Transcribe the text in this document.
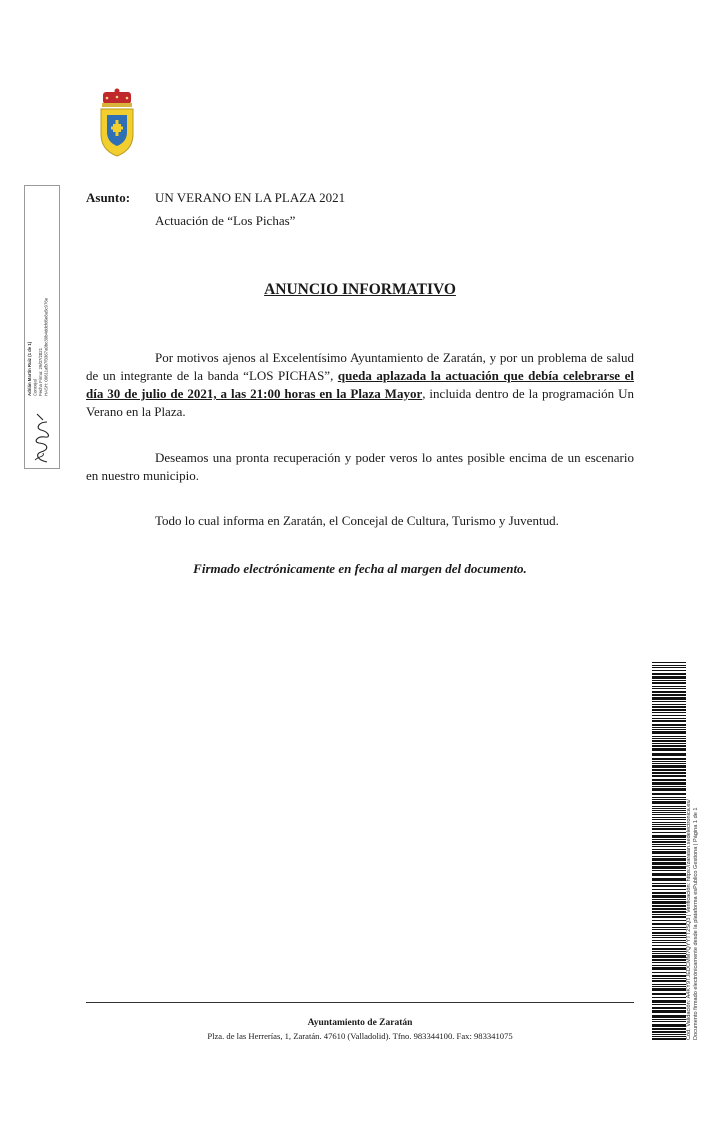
Asunto: UN VERANO EN LA PLAZA 2021
Actuación de “Los Pichas”
ANUNCIO INFORMATIVO

Por motivos ajenos al Excelentísimo Ayuntamiento de Zaratán, y por un problema de salud de un integrante de la banda “LOS PICHAS”, queda aplazada la actuación que debía celebrarse el día 30 de julio de 2021, a las 21:00 horas en la Plaza Mayor, incluida dentro de la programación Un Verano en la Plaza.

Deseamos una pronta recuperación y poder veros lo antes posible encima de un escenario en nuestro municipio.

Todo lo cual informa en Zaratán, el Concejal de Cultura, Turismo y Juventud.

Firmado electrónicamente en fecha al margen del documento.
Adrián Martín Ruiz (1 de 1) Concejal Fecha Firma: 29/07/2021 HASH: 09611afb7f3367a0bc39b4ddcfd6e8a5c976e
Cód. Validación: A4KY9TJEDCMM7QYYTT2SQ3 | Verificación: https://zaratan.sedelectronica.es/ Documento firmado electrónicamente desde la plataforma esPublico Gestiona | Página 1 de 1
Ayuntamiento de Zaratán
Plza. de las Herrerías, 1, Zaratán. 47610 (Valladolid). Tfno. 983344100. Fax: 983341075
